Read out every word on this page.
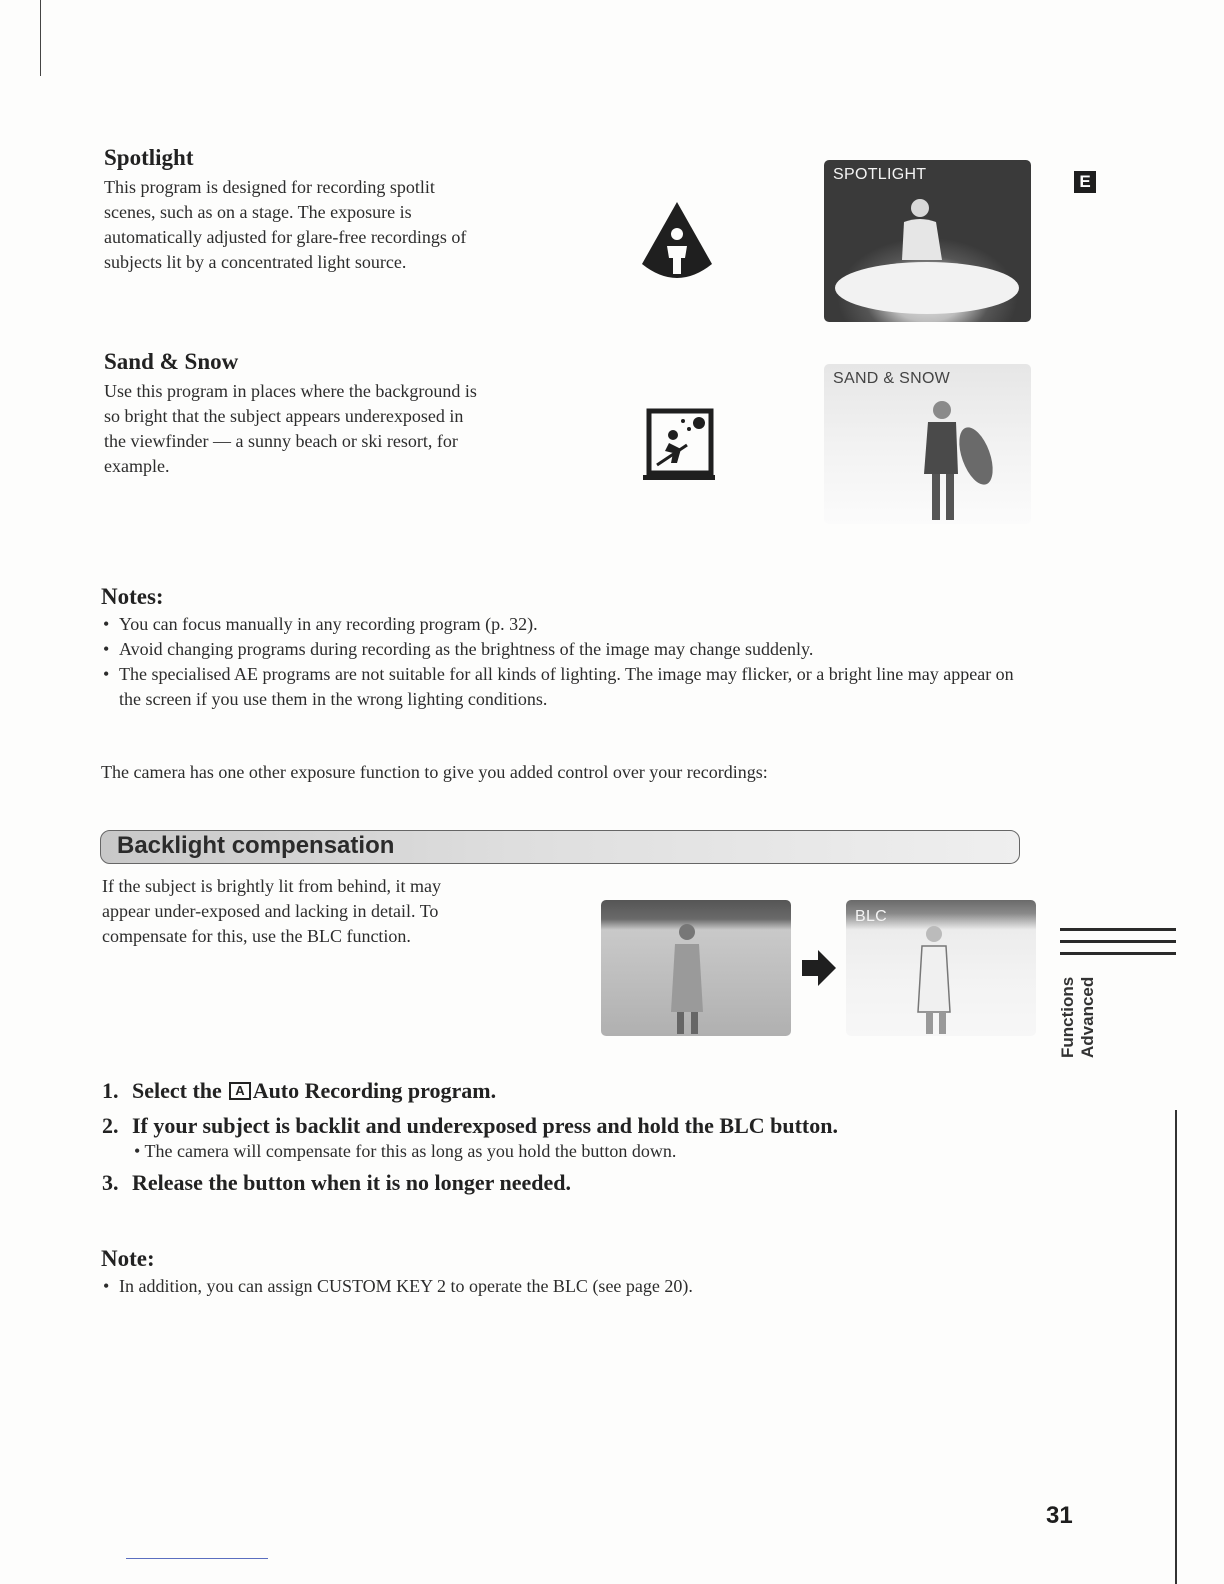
Spotlight

This program is designed for recording spotlit
scenes, such as on a stage. The exposure is
automatically adjusted for glare-free recordings of
subjects lit by a concentrated light source.

SPOTLIGHT	E
Sand & Snow

Use this program in places where the background is
so bright that the subject appears underexposed in
the viewfinder — a sunny beach or ski resort, for
example.

SAND & SNOW
Notes:
• You can focus manually in any recording program (p. 32).
• Avoid changing programs during recording as the brightness of the image may change suddenly.
• The specialised AE programs are not suitable for all kinds of lighting. The image may flicker, or a bright line may appear on the screen if you use them in the wrong lighting conditions.

The camera has one other exposure function to give you added control over your recordings:

Backlight compensation

If the subject is brightly lit from behind, it may
appear under-exposed and lacking in detail. To
compensate for this, use the BLC function.

BLC
Functions
Advanced
1. Select the A Auto Recording program.
2. If your subject is backlit and underexposed press and hold the BLC button.
• The camera will compensate for this as long as you hold the button down.
3. Release the button when it is no longer needed.
Note:
• In addition, you can assign CUSTOM KEY 2 to operate the BLC (see page 20).
31
